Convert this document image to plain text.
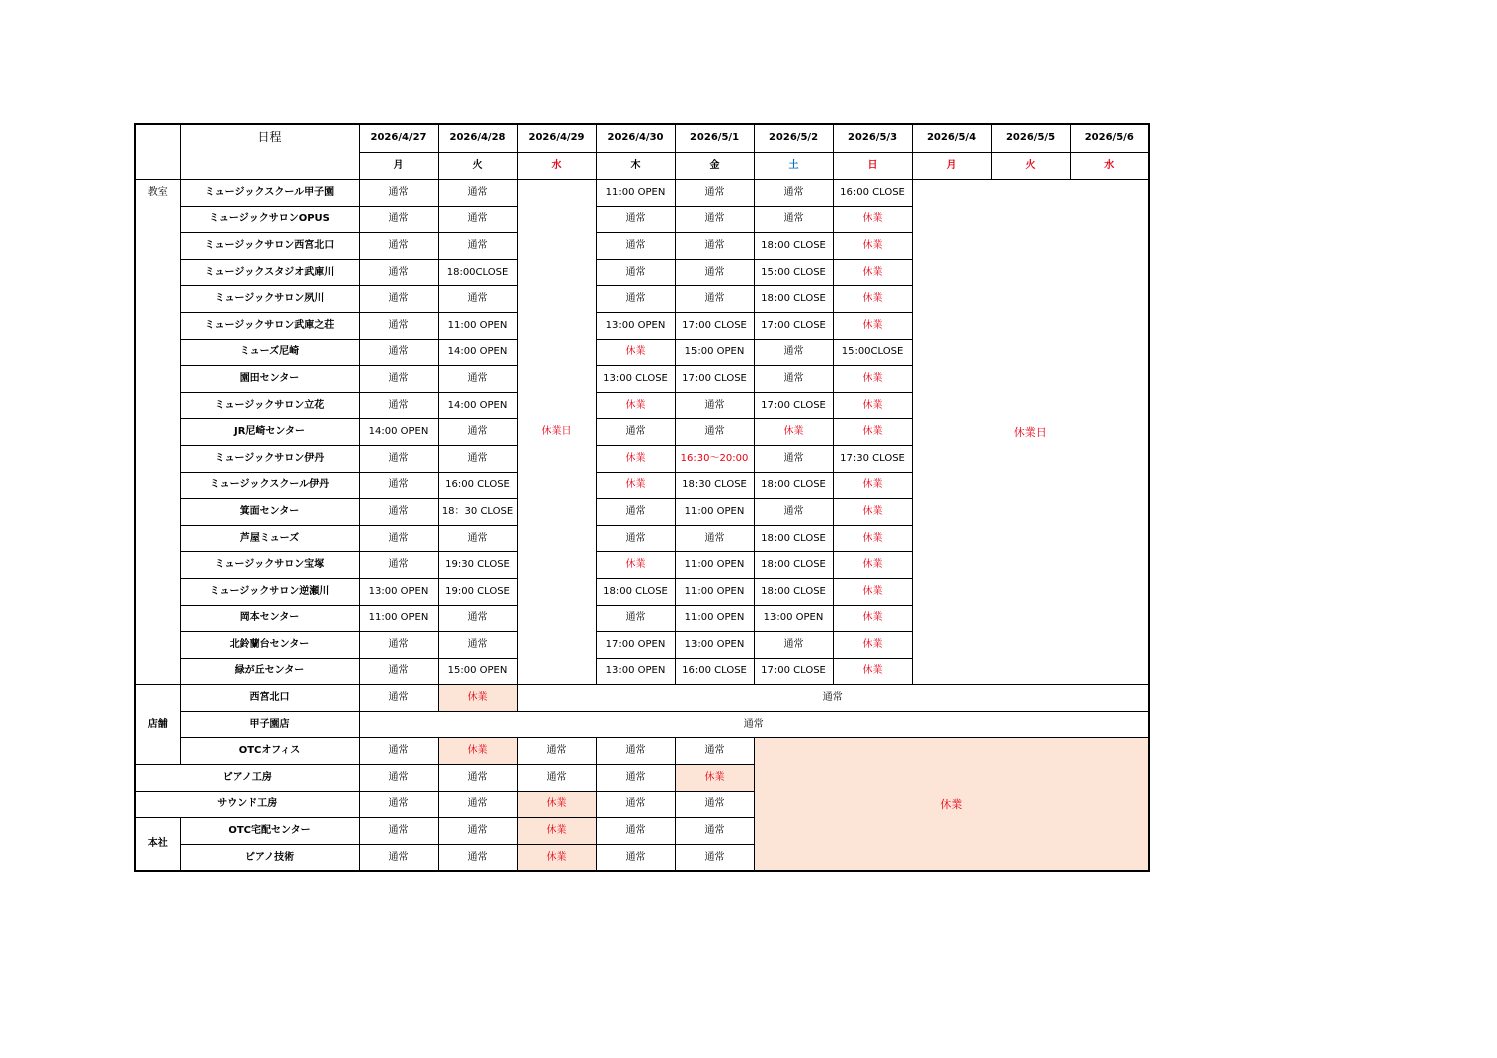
	日程	2026/4/27	2026/4/28	2026/4/29	2026/4/30	2026/5/1	2026/5/2	2026/5/3	2026/5/4	2026/5/5	2026/5/6
		月	火	水	木	金	土	日	月	火	水
教室	ミュージックスクール甲子園	通常	通常	休業日	11:00 OPEN	通常	通常	16:00 CLOSE	休業日		
	ミュージックサロンOPUS	通常	通常		通常	通常	通常	休業			
	ミュージックサロン西宮北口	通常	通常		通常	通常	18:00 CLOSE	休業			
	ミュージックスタジオ武庫川	通常	18:00CLOSE		通常	通常	15:00 CLOSE	休業			
	ミュージックサロン夙川	通常	通常		通常	通常	18:00 CLOSE	休業			
	ミュージックサロン武庫之荘	通常	11:00 OPEN		13:00 OPEN	17:00 CLOSE	17:00 CLOSE	休業			
	ミューズ尼崎	通常	14:00 OPEN		休業	15:00 OPEN	通常	15:00CLOSE			
	園田センター	通常	通常		13:00 CLOSE	17:00 CLOSE	通常	休業			
	ミュージックサロン立花	通常	14:00 OPEN		休業	通常	17:00 CLOSE	休業			
	JR尼崎センター	14:00 OPEN	通常		通常	通常	休業	休業			
	ミュージックサロン伊丹	通常	通常		休業	16:30～20:00	通常	17:30 CLOSE			
	ミュージックスクール伊丹	通常	16:00 CLOSE		休業	18:30 CLOSE	18:00 CLOSE	休業			
	箕面センター	通常	18：30 CLOSE		通常	11:00 OPEN	通常	休業			
	芦屋ミューズ	通常	通常		通常	通常	18:00 CLOSE	休業			
	ミュージックサロン宝塚	通常	19:30 CLOSE		休業	11:00 OPEN	18:00 CLOSE	休業			
	ミュージックサロン逆瀬川	13:00 OPEN	19:00 CLOSE		18:00 CLOSE	11:00 OPEN	18:00 CLOSE	休業			
	岡本センター	11:00 OPEN	通常		通常	11:00 OPEN	13:00 OPEN	休業			
	北鈴蘭台センター	通常	通常		17:00 OPEN	13:00 OPEN	通常	休業			
	緑が丘センター	通常	15:00 OPEN		13:00 OPEN	16:00 CLOSE	17:00 CLOSE	休業			
店舗	西宮北口	通常	休業	通常							
	甲子園店	通常									
	OTCオフィス	通常	休業	通常	通常	通常	休業				
ピアノ工房		通常	通常	通常	通常	休業					
サウンド工房		通常	通常	休業	通常	通常					
本社	OTC宅配センター	通常	通常	休業	通常	通常					
	ピアノ技術	通常	通常	休業	通常	通常					
